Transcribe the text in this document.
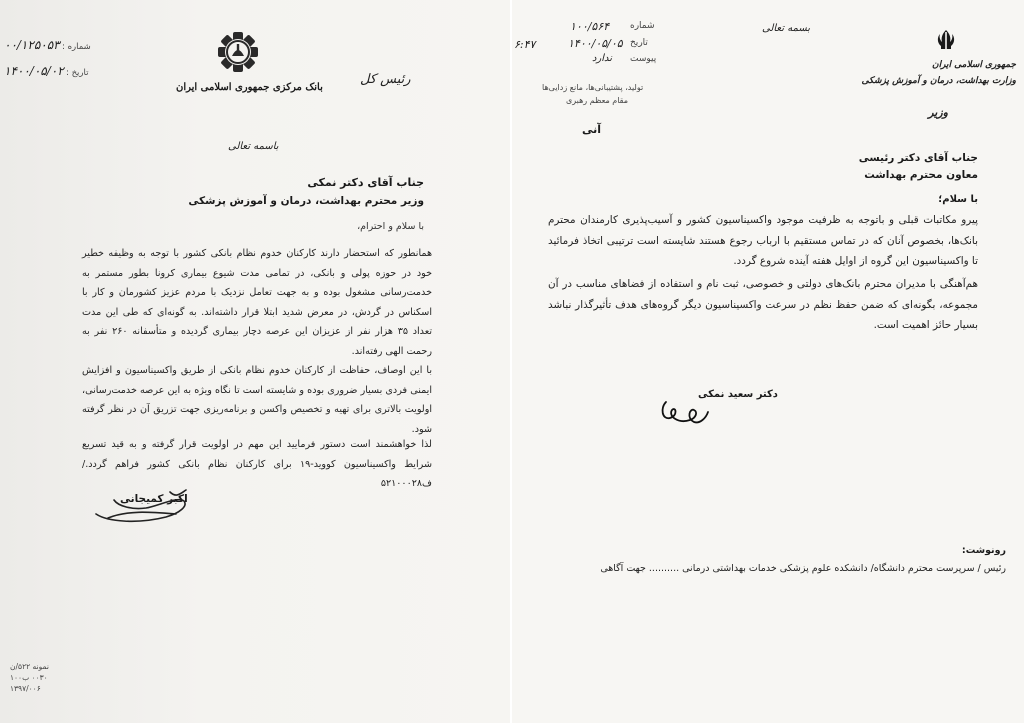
شماره :
۰۰/۱۲۵۰۵۳
تاریخ :
۱۴۰۰/۰۵/۰۲
بانک مرکزی جمهوری اسلامی ایران
رئیس کل
باسمه تعالی
جناب آقای دکتر نمکی
وزیر محترم بهداشت، درمان و آموزش پزشکی
با سلام و احترام،
همانطور که استحضار دارند کارکنان خدوم نظام بانکی کشور با توجه به وظیفه خطیر خود در حوزه پولی و بانکی، در تمامی مدت شیوع بیماری کرونا بطور مستمر به خدمت‌رسانی مشغول بوده و به جهت تعامل نزدیک با مردم عزیز کشورمان و کار با اسکناس در گردش، در معرض شدید ابتلا قرار داشته‌اند. به گونه‌ای که طی این مدت تعداد ۳۵ هزار نفر از عزیزان این عرصه دچار بیماری گردیده و متأسفانه ۲۶۰ نفر به رحمت الهی رفته‌اند.
با این اوصاف، حفاظت از کارکنان خدوم نظام بانکی از طریق واکسیناسیون و افزایش ایمنی فردی بسیار ضروری بوده و شایسته است تا نگاه ویژه به این عرصه خدمت‌رسانی، اولویت بالاتری برای تهیه و تخصیص واکسن و برنامه‌ریزی جهت تزریق آن در نظر گرفته شود.
لذا خواهشمند است دستور فرمایید این مهم در اولویت قرار گرفته و به قید تسریع شرایط واکسیناسیون کووید-۱۹ برای کارکنان نظام بانکی کشور فراهم گردد./ف۵۲۱۰۰۰۲۸
اکبر کمیجانی
نمونه ۵۲۲/ن
۰۰۳۰ ب۱۰۰
۱۳۹۷/۰۰۶
۶:۴۷
۱۰۰/۵۶۴ شماره
۱۴۰۰/۰۵/۰۵ تاریخ
ندارد پیوست
تولید، پشتیبانی‌ها، مانع زدایی‌ها
مقام معظم رهبری
بسمه تعالی
جمهوری اسلامی ایران
وزارت بهداشت، درمان و آموزش پزشکی
وزیر
آنی
جناب آقای دکتر رئیسی
معاون محترم بهداشت
با سلام؛
پیرو مکاتبات قبلی و باتوجه به ظرفیت موجود واکسیناسیون کشور و آسیب‌پذیری کارمندان محترم بانک‌ها، بخصوص آنان که در تماس مستقیم با ارباب رجوع هستند شایسته است ترتیبی اتخاذ فرمائید تا واکسیناسیون این گروه از اوایل هفته آینده شروع گردد.
هم‌آهنگی با مدیران محترم بانک‌های دولتی و خصوصی، ثبت نام و استفاده از فضاهای مناسب در آن مجموعه، بگونه‌ای که ضمن حفظ نظم در سرعت واکسیناسیون دیگر گروه‌های هدف تأثیرگذار نباشد بسیار حائز اهمیت است.
دکتر سعید نمکی
رونوشت:
رئیس / سرپرست محترم دانشگاه/ دانشکده علوم پزشکی خدمات بهداشتی درمانی .......... جهت آگاهی
